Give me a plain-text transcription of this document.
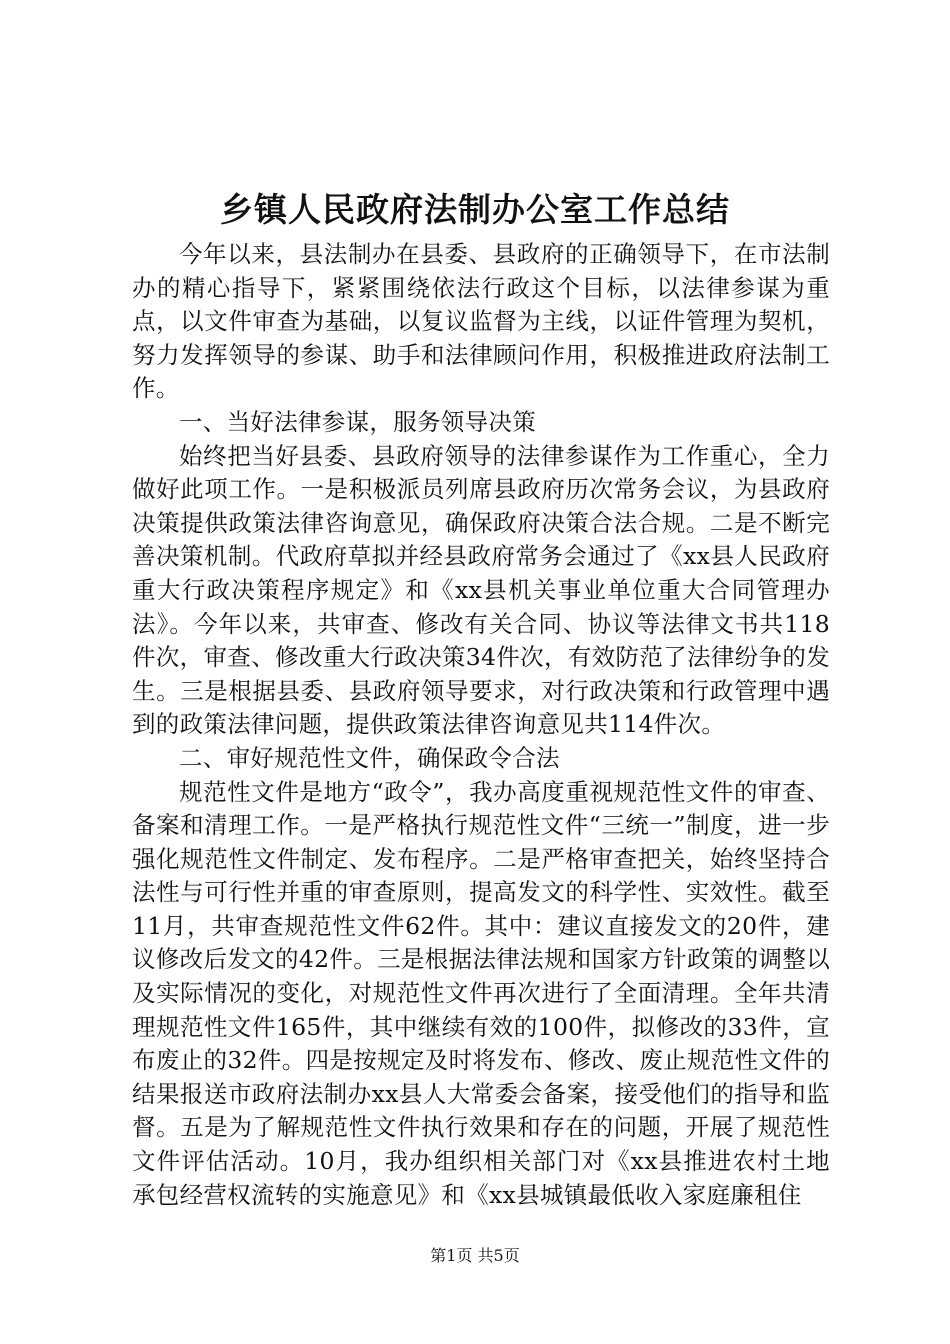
乡镇人民政府法制办公室工作总结

今年以来，县法制办在县委、县政府的正确领导下，在市法制办的精心指导下，紧紧围绕依法行政这个目标，以法律参谋为重点，以文件审查为基础，以复议监督为主线，以证件管理为契机，努力发挥领导的参谋、助手和法律顾问作用，积极推进政府法制工作。

一、当好法律参谋，服务领导决策

始终把当好县委、县政府领导的法律参谋作为工作重心，全力做好此项工作。一是积极派员列席县政府历次常务会议，为县政府决策提供政策法律咨询意见，确保政府决策合法合规。二是不断完善决策机制。代政府草拟并经县政府常务会通过了《xx县人民政府重大行政决策程序规定》和《xx县机关事业单位重大合同管理办法》。今年以来，共审查、修改有关合同、协议等法律文书共118件次，审查、修改重大行政决策34件次，有效防范了法律纷争的发生。三是根据县委、县政府领导要求，对行政决策和行政管理中遇到的政策法律问题，提供政策法律咨询意见共114件次。

二、审好规范性文件，确保政令合法

规范性文件是地方“政令”，我办高度重视规范性文件的审查、备案和清理工作。一是严格执行规范性文件“三统一”制度，进一步强化规范性文件制定、发布程序。二是严格审查把关，始终坚持合法性与可行性并重的审查原则，提高发文的科学性、实效性。截至11月，共审查规范性文件62件。其中：建议直接发文的20件，建议修改后发文的42件。三是根据法律法规和国家方针政策的调整以及实际情况的变化，对规范性文件再次进行了全面清理。全年共清理规范性文件165件，其中继续有效的100件，拟修改的33件，宣布废止的32件。四是按规定及时将发布、修改、废止规范性文件的结果报送市政府法制办xx县人大常委会备案，接受他们的指导和监督。五是为了解规范性文件执行效果和存在的问题，开展了规范性文件评估活动。10月，我办组织相关部门对《xx县推进农村土地承包经营权流转的实施意见》和《xx县城镇最低收入家庭廉租住

第1页 共5页
